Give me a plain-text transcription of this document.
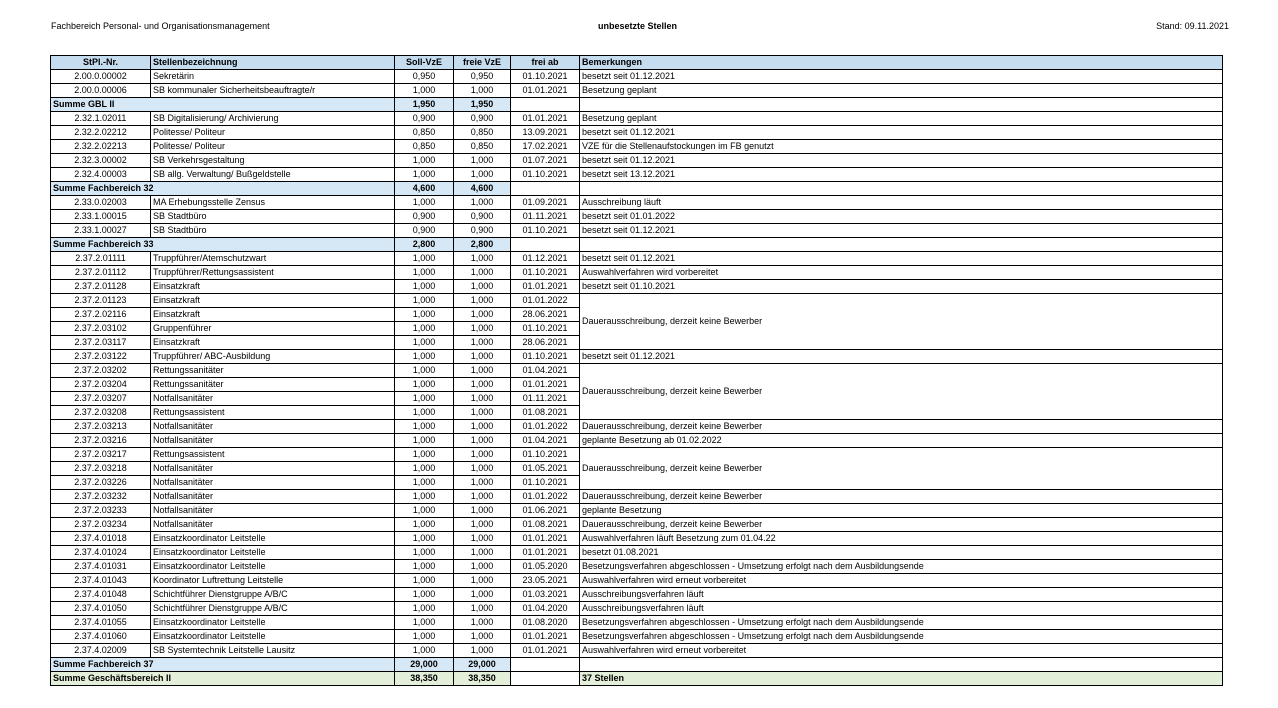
Fachbereich Personal- und Organisationsmanagement	unbesetzte Stellen	Stand: 09.11.2021
StPl.-Nr.	Stellenbezeichnung	Soll-VzE	freie VzE	frei ab	Bemerkungen
2.00.0.00002	Sekretärin	0,950	0,950	01.10.2021	besetzt seit 01.12.2021
2.00.0.00006	SB kommunaler Sicherheitsbeauftragte/r	1,000	1,000	01.01.2021	Besetzung geplant
Summe GBL II		1,950	1,950		
2.32.1.02011	SB Digitalisierung/ Archivierung	0,900	0,900	01.01.2021	Besetzung geplant
2.32.2.02212	Politesse/ Politeur	0,850	0,850	13.09.2021	besetzt seit 01.12.2021
2.32.2.02213	Politesse/ Politeur	0,850	0,850	17.02.2021	VZE für die Stellenaufstockungen im FB genutzt
2.32.3.00002	SB Verkehrsgestaltung	1,000	1,000	01.07.2021	besetzt seit 01.12.2021
2.32.4.00003	SB allg. Verwaltung/ Bußgeldstelle	1,000	1,000	01.10.2021	besetzt seit 13.12.2021
Summe Fachbereich 32		4,600	4,600		
2.33.0.02003	MA Erhebungsstelle Zensus	1,000	1,000	01.09.2021	Ausschreibung läuft
2.33.1.00015	SB Stadtbüro	0,900	0,900	01.11.2021	besetzt seit 01.01.2022
2.33.1.00027	SB Stadtbüro	0,900	0,900	01.10.2021	besetzt seit 01.12.2021
Summe Fachbereich 33		2,800	2,800		
2.37.2.01111	Truppführer/Atemschutzwart	1,000	1,000	01.12.2021	besetzt seit 01.12.2021
2.37.2.01112	Truppführer/Rettungsassistent	1,000	1,000	01.10.2021	Auswahlverfahren wird vorbereitet
2.37.2.01128	Einsatzkraft	1,000	1,000	01.01.2021	besetzt seit 01.10.2021
2.37.2.01123	Einsatzkraft	1,000	1,000	01.01.2022	Dauerausschreibung, derzeit keine Bewerber
2.37.2.02116	Einsatzkraft	1,000	1,000	28.06.2021	
2.37.2.03102	Gruppenführer	1,000	1,000	01.10.2021	
2.37.2.03117	Einsatzkraft	1,000	1,000	28.06.2021	
2.37.2.03122	Truppführer/ ABC-Ausbildung	1,000	1,000	01.10.2021	besetzt seit 01.12.2021
2.37.2.03202	Rettungssanitäter	1,000	1,000	01.04.2021	Dauerausschreibung, derzeit keine Bewerber
2.37.2.03204	Rettungssanitäter	1,000	1,000	01.01.2021	
2.37.2.03207	Notfallsanitäter	1,000	1,000	01.11.2021	
2.37.2.03208	Rettungsassistent	1,000	1,000	01.08.2021	
2.37.2.03213	Notfallsanitäter	1,000	1,000	01.01.2022	Dauerausschreibung, derzeit keine Bewerber
2.37.2.03216	Notfallsanitäter	1,000	1,000	01.04.2021	geplante Besetzung ab 01.02.2022
2.37.2.03217	Rettungsassistent	1,000	1,000	01.10.2021	Dauerausschreibung, derzeit keine Bewerber
2.37.2.03218	Notfallsanitäter	1,000	1,000	01.05.2021	
2.37.2.03226	Notfallsanitäter	1,000	1,000	01.10.2021	
2.37.2.03232	Notfallsanitäter	1,000	1,000	01.01.2022	Dauerausschreibung, derzeit keine Bewerber
2.37.2.03233	Notfallsanitäter	1,000	1,000	01.06.2021	geplante Besetzung
2.37.2.03234	Notfallsanitäter	1,000	1,000	01.08.2021	Dauerausschreibung, derzeit keine Bewerber
2.37.4.01018	Einsatzkoordinator Leitstelle	1,000	1,000	01.01.2021	Auswahlverfahren läuft Besetzung zum 01.04.22
2.37.4.01024	Einsatzkoordinator Leitstelle	1,000	1,000	01.01.2021	besetzt 01.08.2021
2.37.4.01031	Einsatzkoordinator Leitstelle	1,000	1,000	01.05.2020	Besetzungsverfahren abgeschlossen - Umsetzung erfolgt nach dem Ausbildungsende
2.37.4.01043	Koordinator Luftrettung Leitstelle	1,000	1,000	23.05.2021	Auswahlverfahren wird erneut vorbereitet
2.37.4.01048	Schichtführer Dienstgruppe A/B/C	1,000	1,000	01.03.2021	Ausschreibungsverfahren läuft
2.37.4.01050	Schichtführer Dienstgruppe A/B/C	1,000	1,000	01.04.2020	Ausschreibungsverfahren läuft
2.37.4.01055	Einsatzkoordinator Leitstelle	1,000	1,000	01.08.2020	Besetzungsverfahren abgeschlossen - Umsetzung erfolgt nach dem Ausbildungsende
2.37.4.01060	Einsatzkoordinator Leitstelle	1,000	1,000	01.01.2021	Besetzungsverfahren abgeschlossen - Umsetzung erfolgt nach dem Ausbildungsende
2.37.4.02009	SB Systemtechnik Leitstelle Lausitz	1,000	1,000	01.01.2021	Auswahlverfahren wird erneut vorbereitet
Summe Fachbereich 37		29,000	29,000		
Summe Geschäftsbereich II		38,350	38,350		37 Stellen
